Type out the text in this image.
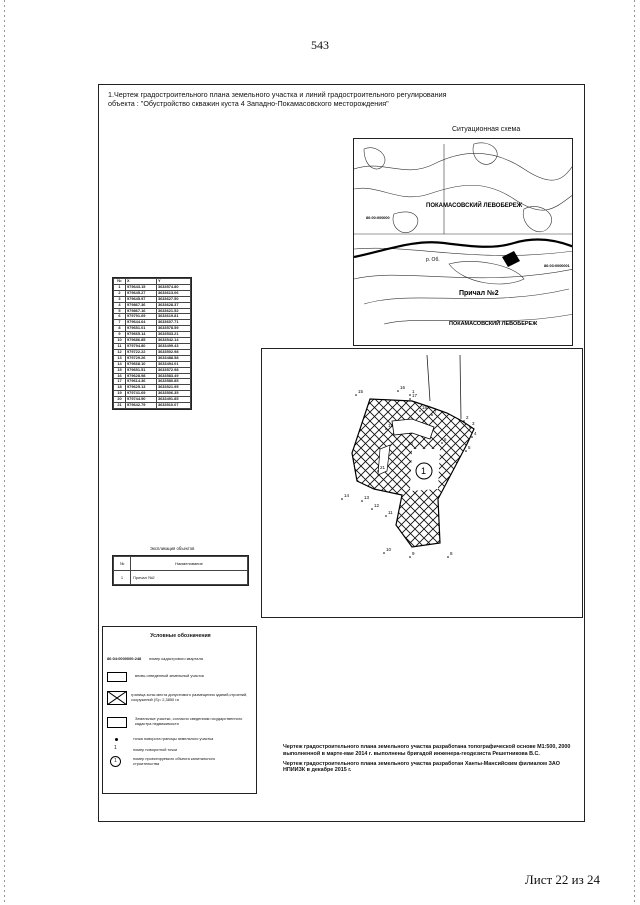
543
1.Чертеж градостроительного плана земельного участка и линий градостроительного регулирования
объекта : "Обустройство скважин куста 4 Западно-Покамасовского месторождения"
Ситуационная схема
ПОКАМАСОВСКИЙ ЛЕВОБЕРЕЖ
86:00:000000
86:03:0000001
р. Об.
Причал №2
ПОКАМАСОВСКИЙ ЛЕВОБЕРЕЖ
№	X	Y
1	979643.15	3633574.80
2	979645.27	3633613.06
3	979645.97	3633627.50
4	979867.36	3633628.37
5	979867.16	3633621.52
6	979791.69	3633619.81
7	979644.64	3633607.71
8	979651.01	3633578.59
9	979665.14	3633533.21
10	979686.85	3633542.14
11	979794.80	3633499.43
12	979722.22	3633502.98
13	979729.26	3633488.58
14	979668.10	3633494.01
15	979651.51	3633572.98
16	979628.98	3633583.49
17	979614.36	3633580.85
18	979625.13	3633521.95
19	979741.69	3633506.35
20	979744.90	3633491.85
21	979642.79	3633510.07
Экспликация объектов
№	Наименование
1	Причал №2
1
1
2
3
4
5
6
7
8
9
10
11
12
13
14
15
16
17
18
19
20
21
Условные обозначения
86:04:0000000:248 номер кадастрового квартала
вновь отведенный земельный участок
граница зоны места допустимого размещения зданий,строений, сооружений (S)= 2,3850 га
Земельные участки, согласно сведениям государственного кадастра недвижимости
точка поворота границы земельного участка
1	номер поворотной точки
1	номер проектируемого объекта капитального строительства

Чертеж градостроительного плана земельного участка разработана топографической основе М1:500, 2000 выполненной в марте-мае 2014 г. выполнены бригадой инженера-геодезиста Решетникова В.С.

Чертеж градостроительного плана земельного участка разработан Ханты-Мансийским филиалом ЗАО НПИИЗК в декабре 2015 г.

Лист 22 из 24
